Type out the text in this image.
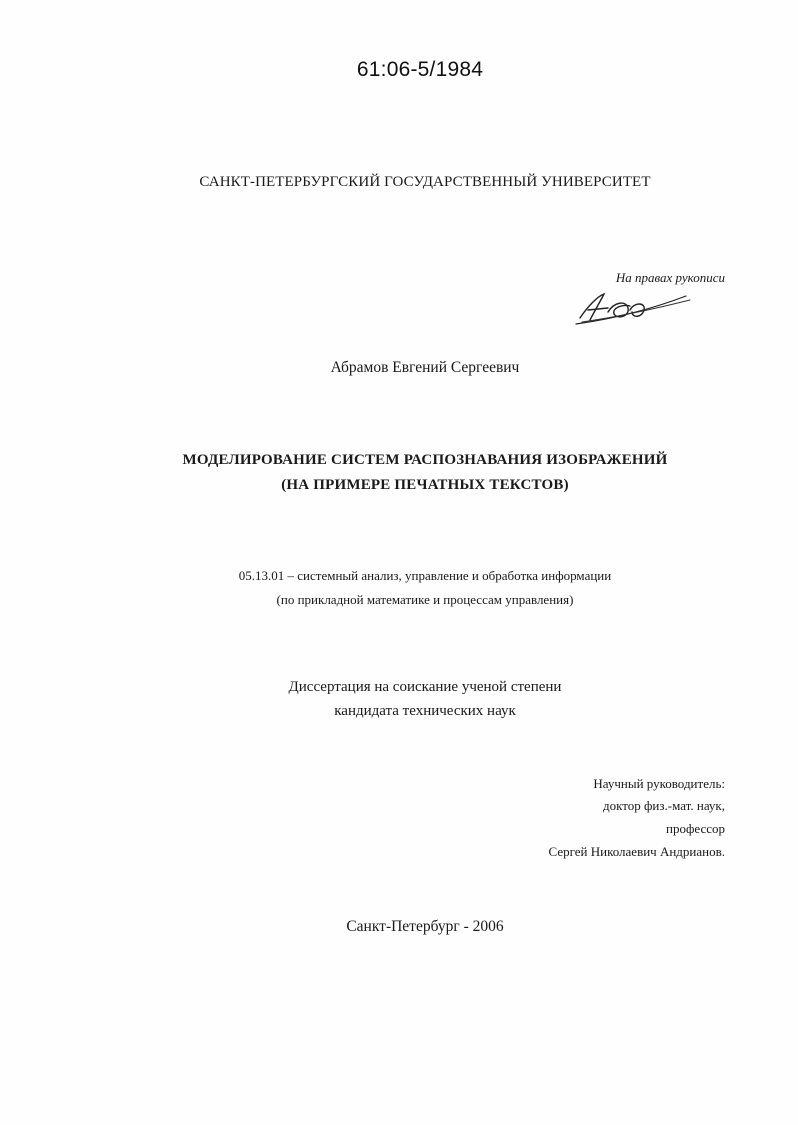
61:06-5/1984
САНКТ-ПЕТЕРБУРГСКИЙ ГОСУДАРСТВЕННЫЙ УНИВЕРСИТЕТ
На правах рукописи
Абрамов Евгений Сергеевич
МОДЕЛИРОВАНИЕ СИСТЕМ РАСПОЗНАВАНИЯ ИЗОБРАЖЕНИЙ
(НА ПРИМЕРЕ ПЕЧАТНЫХ ТЕКСТОВ)
05.13.01 – системный анализ, управление и обработка информации
(по прикладной математике и процессам управления)
Диссертация на соискание ученой степени
кандидата технических наук
Научный руководитель:
доктор физ.-мат. наук,
профессор
Сергей Николаевич Андрианов.
Санкт-Петербург - 2006
